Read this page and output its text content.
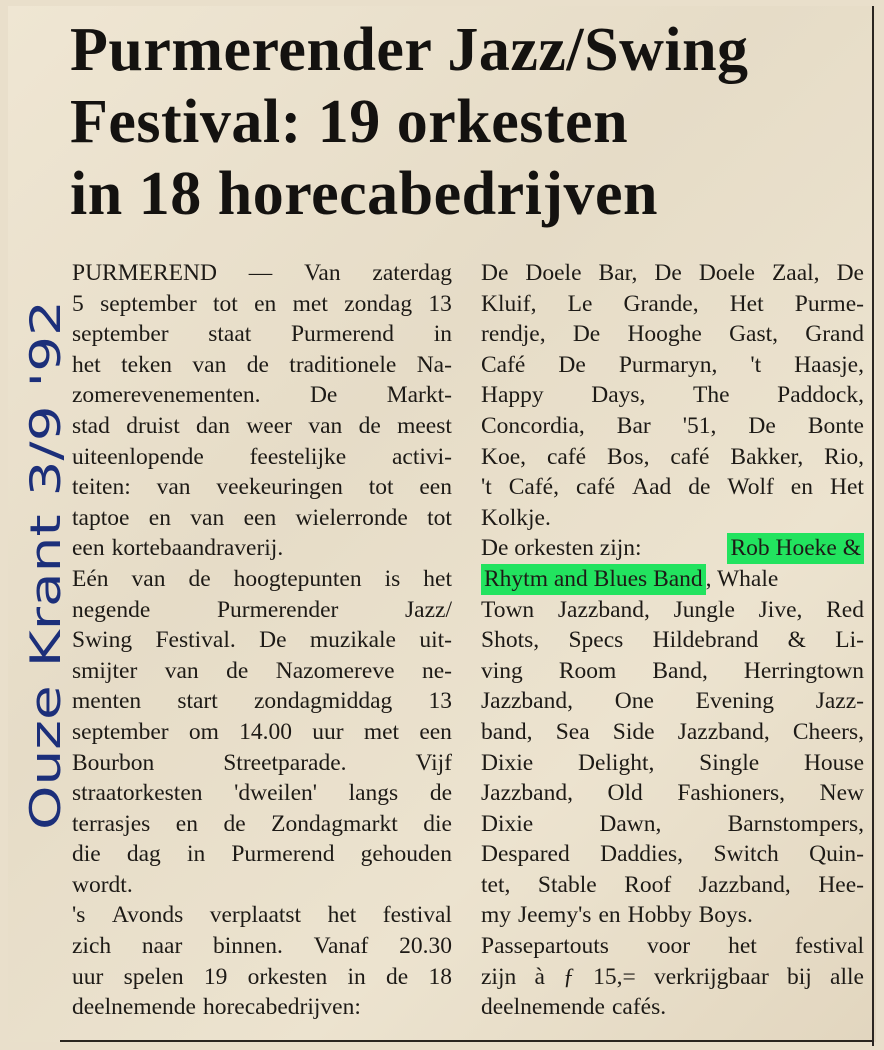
Purmerender Jazz/Swing
Festival: 19 orkesten
in 18 horecabedrijven
Ouze Krant 3/9 '92
PURMEREND — Van zaterdag
5 september tot en met zondag 13
september staat Purmerend in
het teken van de traditionele Na-
zomerevenementen. De Markt-
stad druist dan weer van de meest
uiteenlopende feestelijke activi-
teiten: van veekeuringen tot een
taptoe en van een wielerronde tot
een kortebaandraverij.
Eén van de hoogtepunten is het
negende	Purmerender	Jazz/
Swing Festival. De muzikale uit-
smijter van de Nazomereve ne-
menten start zondagmiddag 13
september om 14.00 uur met een
Bourbon	Streetparade.	Vijf
straatorkesten 'dweilen' langs de
terrasjes en de Zondagmarkt die
die dag in Purmerend gehouden
wordt.
's Avonds verplaatst het festival
zich naar binnen. Vanaf 20.30
uur spelen 19 orkesten in de 18
deelnemende horecabedrijven:
De Doele Bar, De Doele Zaal, De
Kluif, Le Grande, Het Purme-
rendje, De Hooghe Gast, Grand
Café De Purmaryn, 't Haasje,
Happy Days, The Paddock,
Concordia, Bar '51, De Bonte
Koe, café Bos, café Bakker, Rio,
't Café, café Aad de Wolf en Het
Kolkje.
De orkesten zijn:	Rob Hoeke &
Rhytm and Blues Band , Whale
Town Jazzband, Jungle Jive, Red
Shots, Specs Hildebrand & Li-
ving Room Band, Herringtown
Jazzband, One Evening Jazz-
band, Sea Side Jazzband, Cheers,
Dixie Delight, Single House
Jazzband, Old Fashioners, New
Dixie	Dawn,	Barnstompers,
Despared Daddies, Switch Quin-
tet, Stable Roof Jazzband, Hee-
my Jeemy's en Hobby Boys.
Passepartouts voor het festival
zijn à ƒ 15,= verkrijgbaar bij alle
deelnemende cafés.
